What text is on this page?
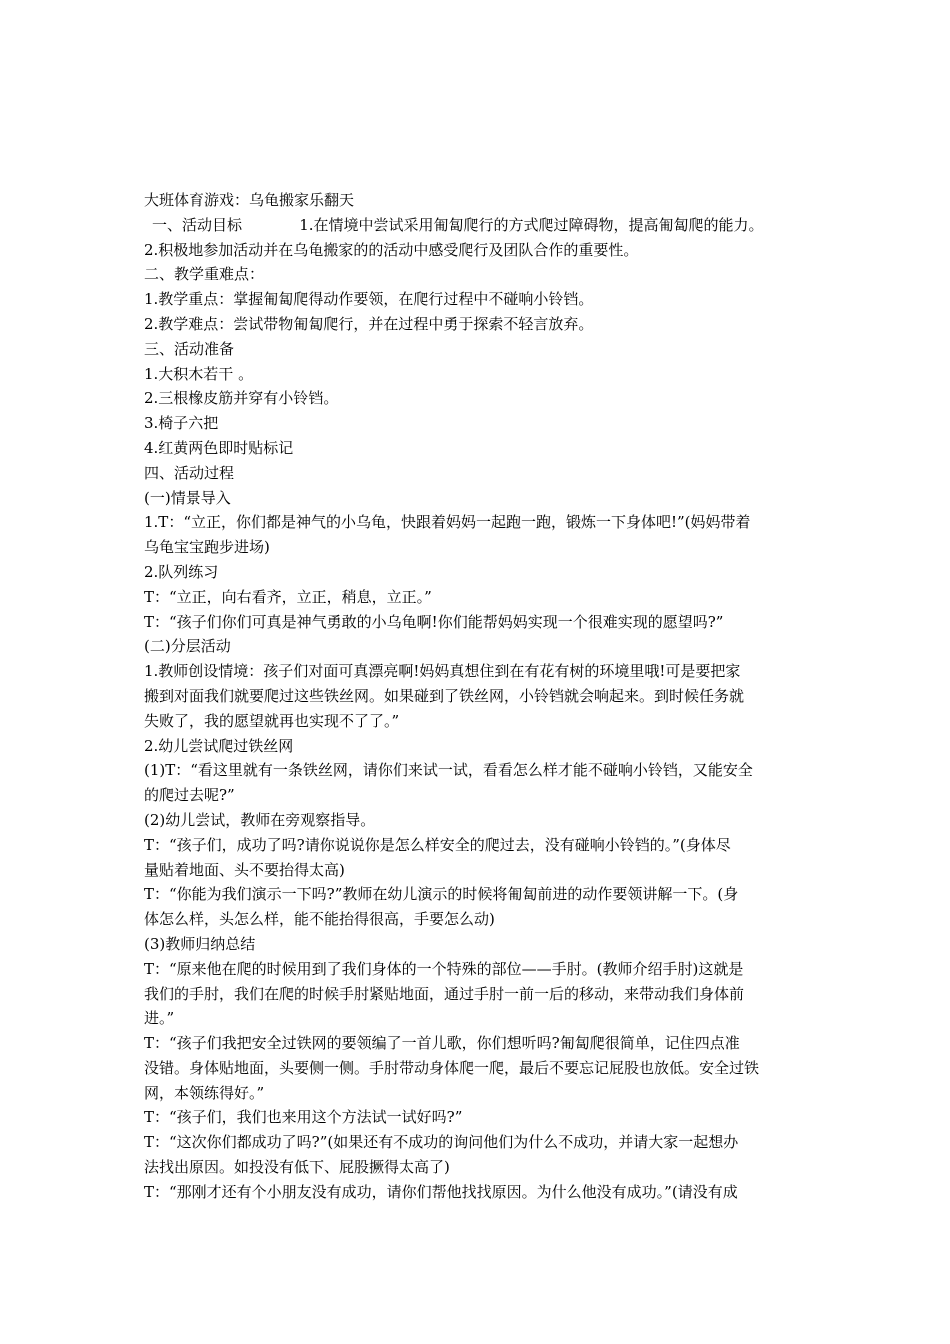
大班体育游戏：乌龟搬家乐翻天
一、活动目标            1.在情境中尝试采用匍匐爬行的方式爬过障碍物，提高匍匐爬的能力。
2.积极地参加活动并在乌龟搬家的的活动中感受爬行及团队合作的重要性。
二、教学重难点：
1.教学重点：掌握匍匐爬得动作要领，在爬行过程中不碰响小铃铛。
2.教学难点：尝试带物匍匐爬行，并在过程中勇于探索不轻言放弃。
三、活动准备
1.大积木若干 。
2.三根橡皮筋并穿有小铃铛。
3.椅子六把
4.红黄两色即时贴标记
四、活动过程
(一)情景导入
1.T：“立正，你们都是神气的小乌龟，快跟着妈妈一起跑一跑，锻炼一下身体吧!”(妈妈带着
乌龟宝宝跑步进场)
2.队列练习
T：“立正，向右看齐，立正，稍息，立正。”
T：“孩子们你们可真是神气勇敢的小乌龟啊!你们能帮妈妈实现一个很难实现的愿望吗?”
(二)分层活动
1.教师创设情境：孩子们对面可真漂亮啊!妈妈真想住到在有花有树的环境里哦!可是要把家
搬到对面我们就要爬过这些铁丝网。如果碰到了铁丝网，小铃铛就会响起来。到时候任务就
失败了，我的愿望就再也实现不了了。”
2.幼儿尝试爬过铁丝网
(1)T：“看这里就有一条铁丝网，请你们来试一试，看看怎么样才能不碰响小铃铛，又能安全
的爬过去呢?”
(2)幼儿尝试，教师在旁观察指导。
T：“孩子们，成功了吗?请你说说你是怎么样安全的爬过去，没有碰响小铃铛的。”(身体尽
量贴着地面、头不要抬得太高)
T：“你能为我们演示一下吗?”教师在幼儿演示的时候将匍匐前进的动作要领讲解一下。(身
体怎么样，头怎么样，能不能抬得很高，手要怎么动)
(3)教师归纳总结
T：“原来他在爬的时候用到了我们身体的一个特殊的部位——手肘。(教师介绍手肘)这就是
我们的手肘，我们在爬的时候手肘紧贴地面，通过手肘一前一后的移动，来带动我们身体前
进。”
T：“孩子们我把安全过铁网的要领编了一首儿歌，你们想听吗?匍匐爬很简单，记住四点准
没错。身体贴地面，头要侧一侧。手肘带动身体爬一爬，最后不要忘记屁股也放低。安全过铁
网，本领练得好。”
T：“孩子们，我们也来用这个方法试一试好吗?”
T：“这次你们都成功了吗?”(如果还有不成功的询问他们为什么不成功，并请大家一起想办
法找出原因。如投没有低下、屁股撅得太高了)
T：“那刚才还有个小朋友没有成功，请你们帮他找找原因。为什么他没有成功。”(请没有成
